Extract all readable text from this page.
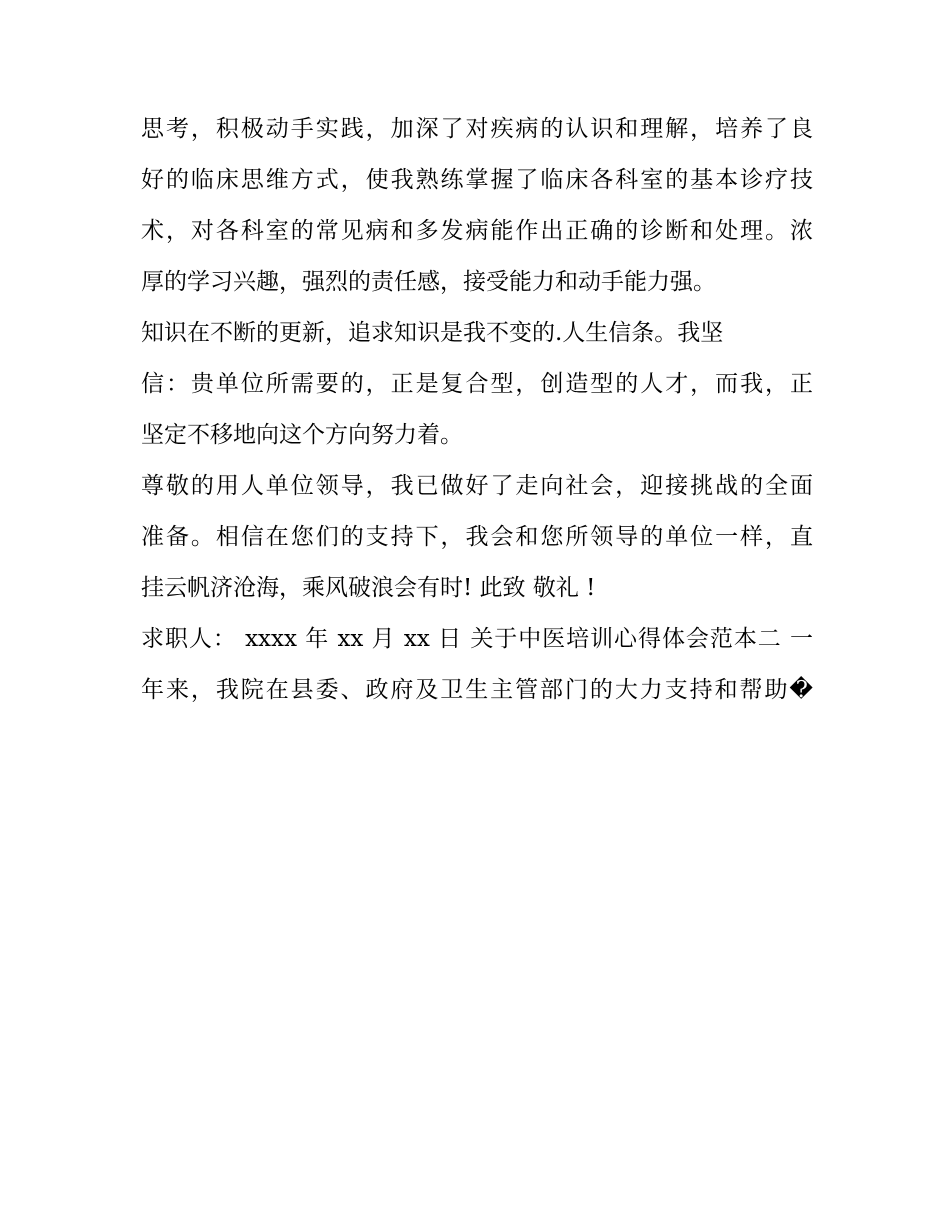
思考，积极动手实践，加深了对疾病的认识和理解，培养了良
好的临床思维方式，使我熟练掌握了临床各科室的基本诊疗技
术，对各科室的常见病和多发病能作出正确的诊断和处理。浓
厚的学习兴趣，强烈的责任感，接受能力和动手能力强。
知识在不断的更新，追求知识是我不变的.人生信条。我坚
信：贵单位所需要的，正是复合型，创造型的人才，而我，正
坚定不移地向这个方向努力着。
尊敬的用人单位领导，我已做好了走向社会，迎接挑战的全面
准备。相信在您们的支持下，我会和您所领导的单位一样，直
挂云帆济沧海，乘风破浪会有时! 此致 敬礼 !
求职人： xxxx 年 xx 月 xx 日 关于中医培训心得体会范本二 一
年来，我院在县委、政府及卫生主管部门的大力支持和帮助�
